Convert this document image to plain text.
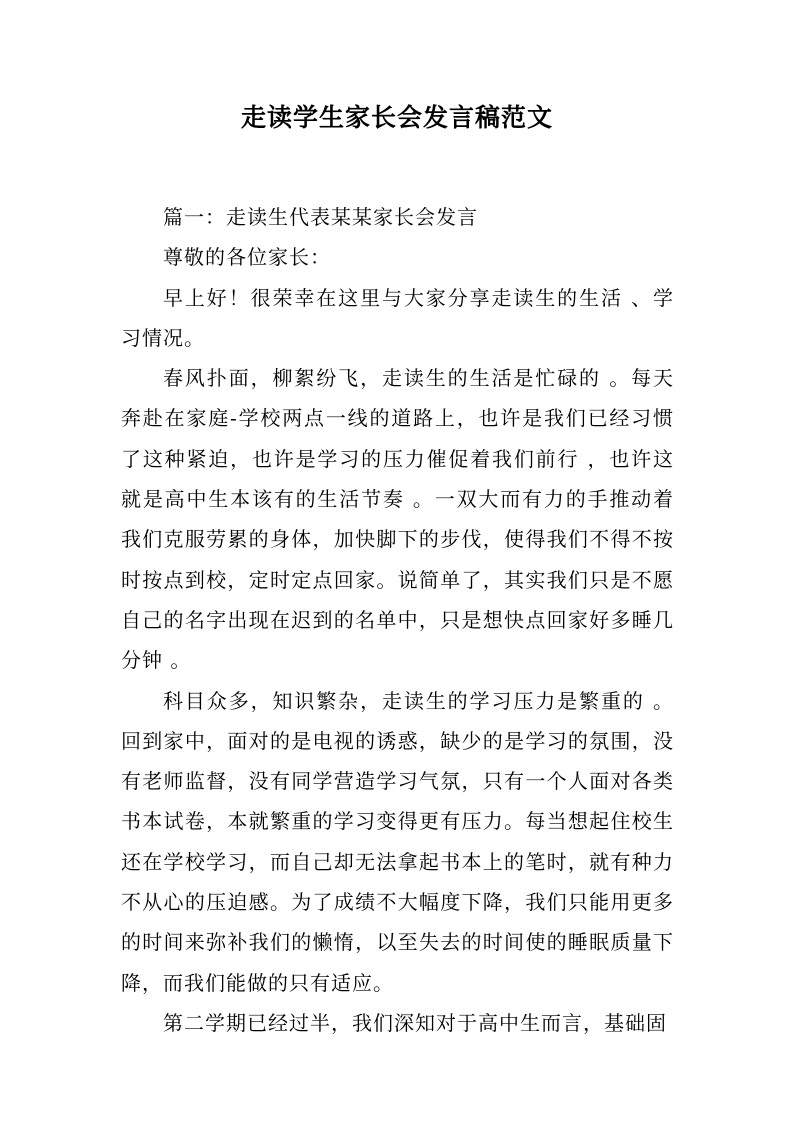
走读学生家长会发言稿范文

篇一：走读生代表某某家长会发言

尊敬的各位家长：

早上好！很荣幸在这里与大家分享走读生的生活 、学习情况。

春风扑面，柳絮纷飞，走读生的生活是忙碌的 。每天奔赴在家庭-学校两点一线的道路上，也许是我们已经习惯了这种紧迫，也许是学习的压力催促着我们前行 ，也许这就是高中生本该有的生活节奏 。一双大而有力的手推动着我们克服劳累的身体，加快脚下的步伐，使得我们不得不按时按点到校，定时定点回家。说简单了，其实我们只是不愿自己的名字出现在迟到的名单中，只是想快点回家好多睡几分钟 。

科目众多，知识繁杂，走读生的学习压力是繁重的 。回到家中，面对的是电视的诱惑，缺少的是学习的氛围，没有老师监督，没有同学营造学习气氛，只有一个人面对各类书本试卷，本就繁重的学习变得更有压力。每当想起住校生还在学校学习，而自己却无法拿起书本上的笔时，就有种力不从心的压迫感。为了成绩不大幅度下降，我们只能用更多的时间来弥补我们的懒惰，以至失去的时间使的睡眠质量下降，而我们能做的只有适应。

第二学期已经过半，我们深知对于高中生而言，基础固
